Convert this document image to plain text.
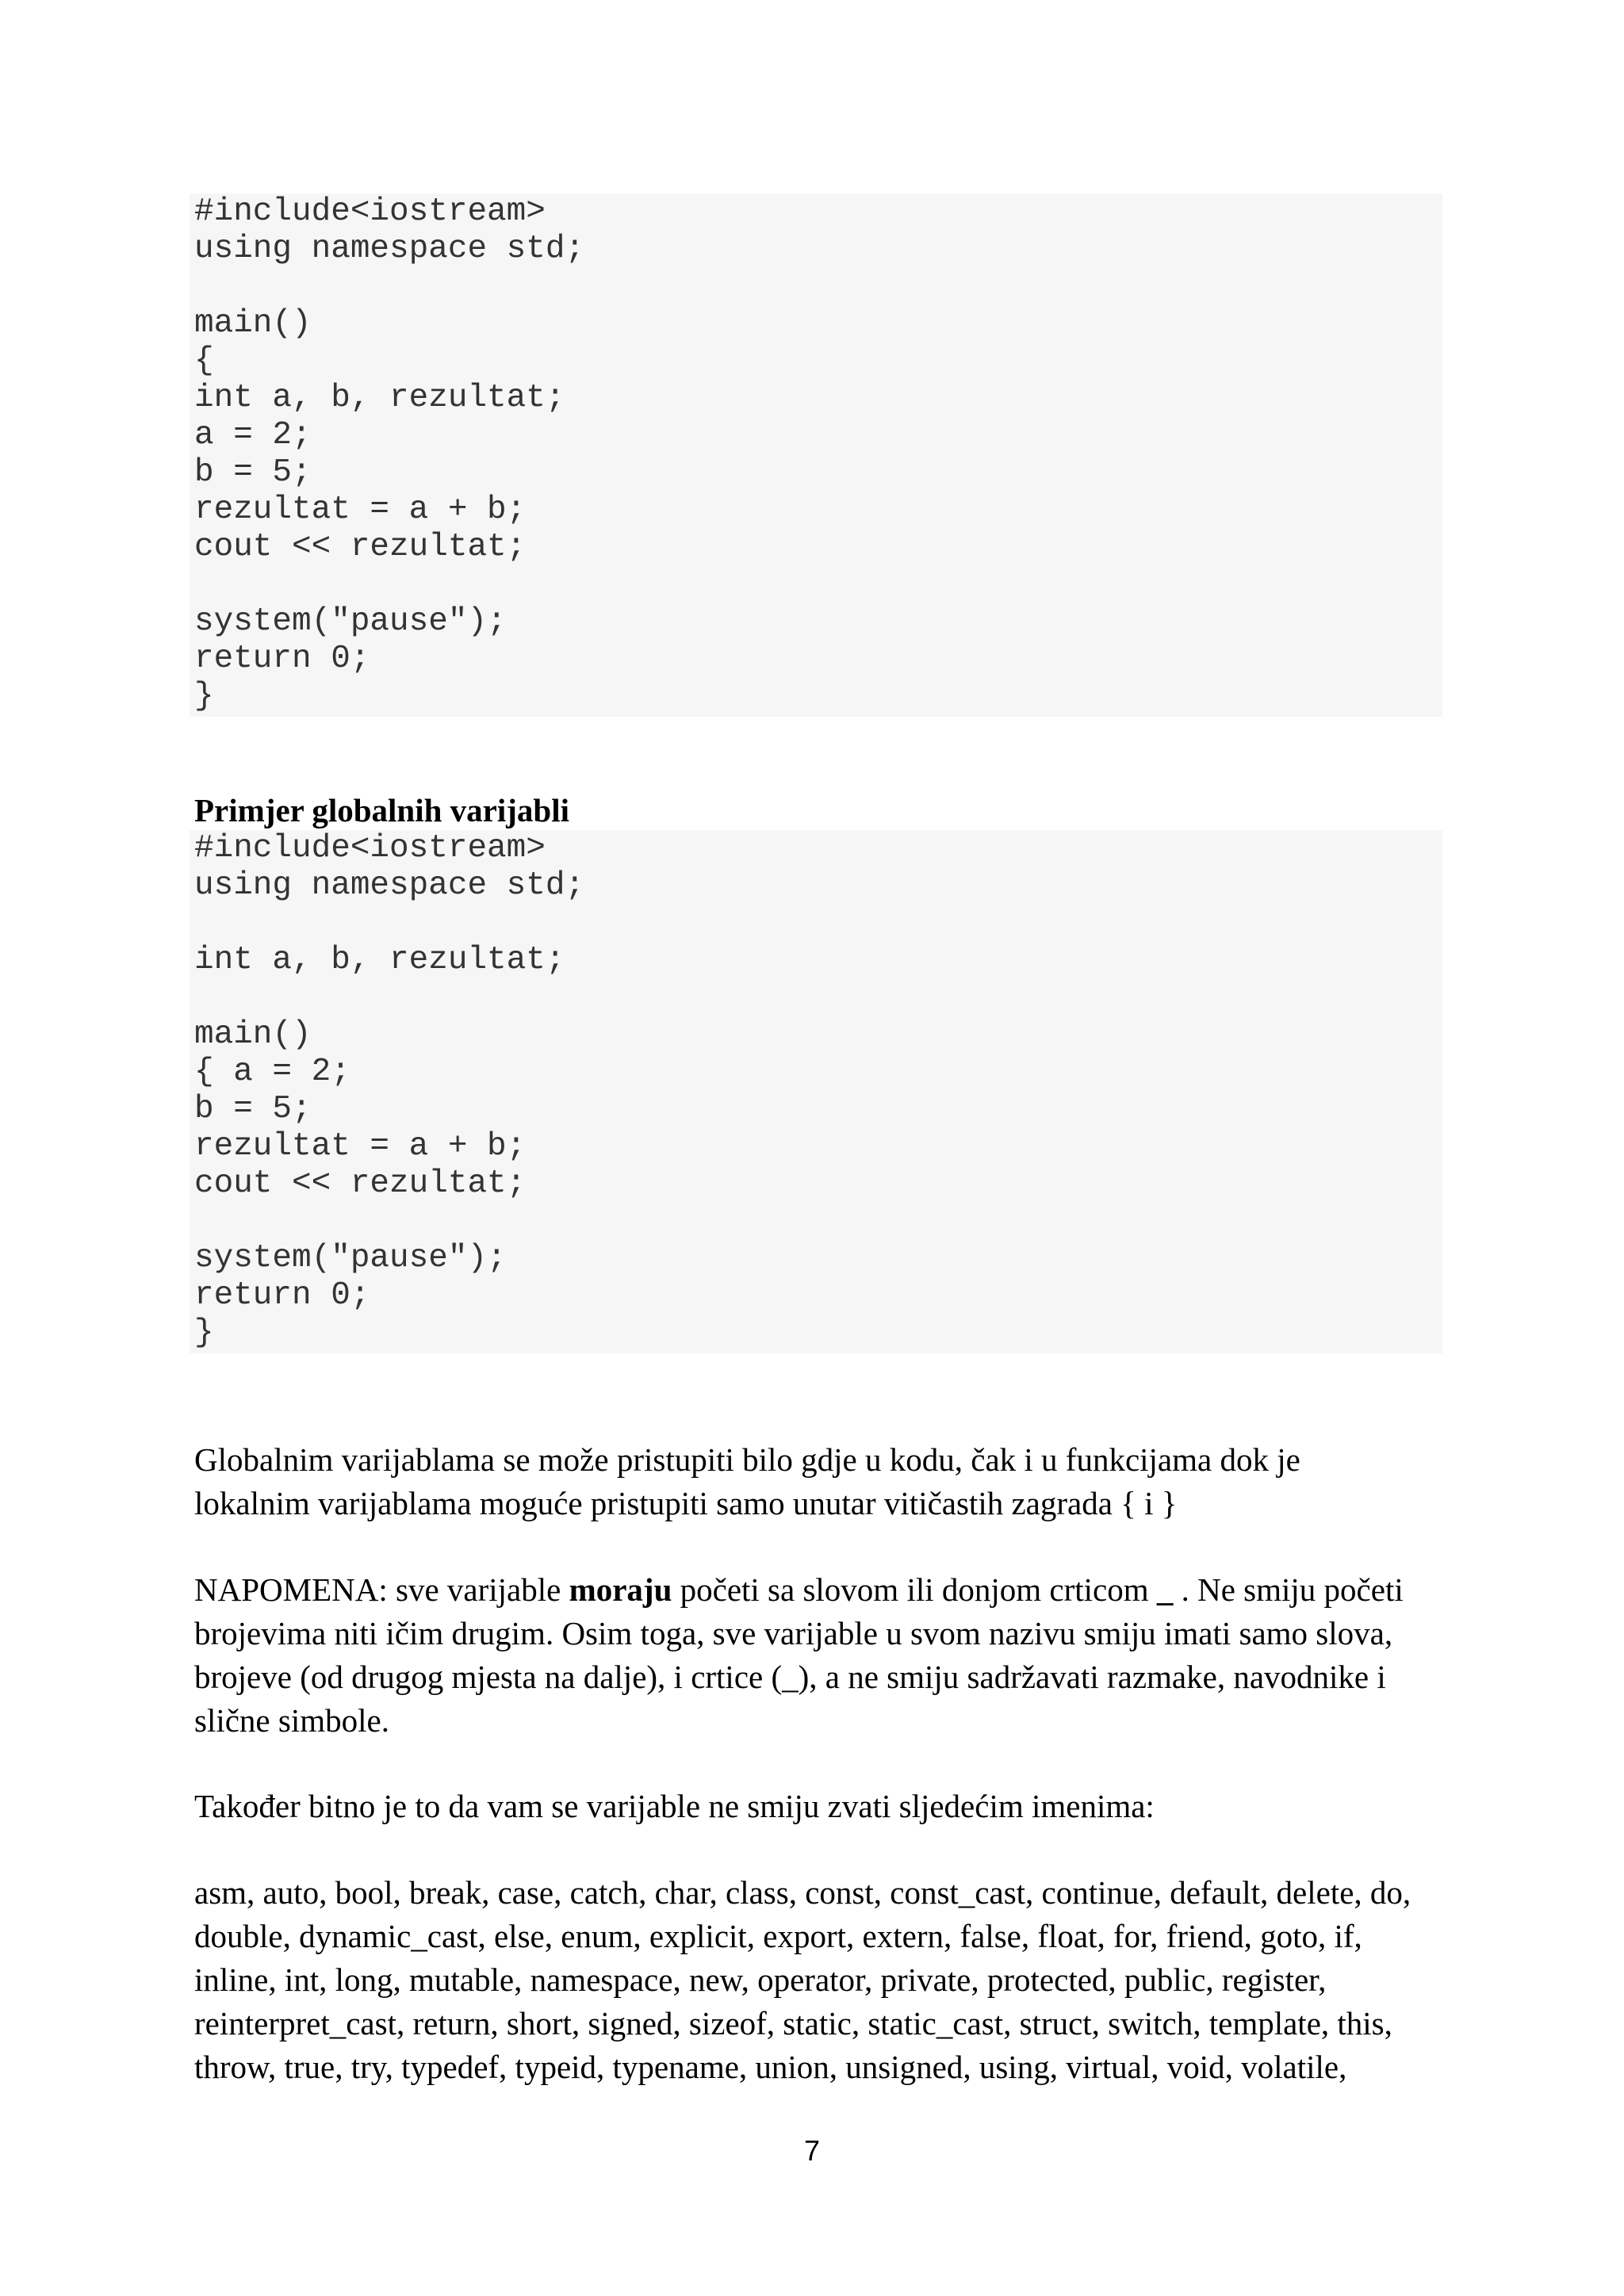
#include<iostream>
using namespace std;
main()
{
int a, b, rezultat;
a = 2;
b = 5;
rezultat = a + b;
cout << rezultat;
system("pause");
return 0;
}
Primjer globalnih varijabli
#include<iostream>
using namespace std;
int a, b, rezultat;
main()
{ a = 2;
b = 5;
rezultat = a + b;
cout << rezultat;
system("pause");
return 0;
}
Globalnim varijablama se može pristupiti bilo gdje u kodu, čak i u funkcijama dok je
lokalnim varijablama moguće pristupiti samo unutar vitičastih zagrada { i }
NAPOMENA: sve varijable moraju početi sa slovom ili donjom crticom _ . Ne smiju početi
brojevima niti ičim drugim. Osim toga, sve varijable u svom nazivu smiju imati samo slova,
brojeve (od drugog mjesta na dalje), i crtice (_), a ne smiju sadržavati razmake, navodnike i
slične simbole.
Također bitno je to da vam se varijable ne smiju zvati sljedećim imenima:
asm, auto, bool, break, case, catch, char, class, const, const_cast, continue, default, delete, do,
double, dynamic_cast, else, enum, explicit, export, extern, false, float, for, friend, goto, if,
inline, int, long, mutable, namespace, new, operator, private, protected, public, register,
reinterpret_cast, return, short, signed, sizeof, static, static_cast, struct, switch, template, this,
throw, true, try, typedef, typeid, typename, union, unsigned, using, virtual, void, volatile,
7
